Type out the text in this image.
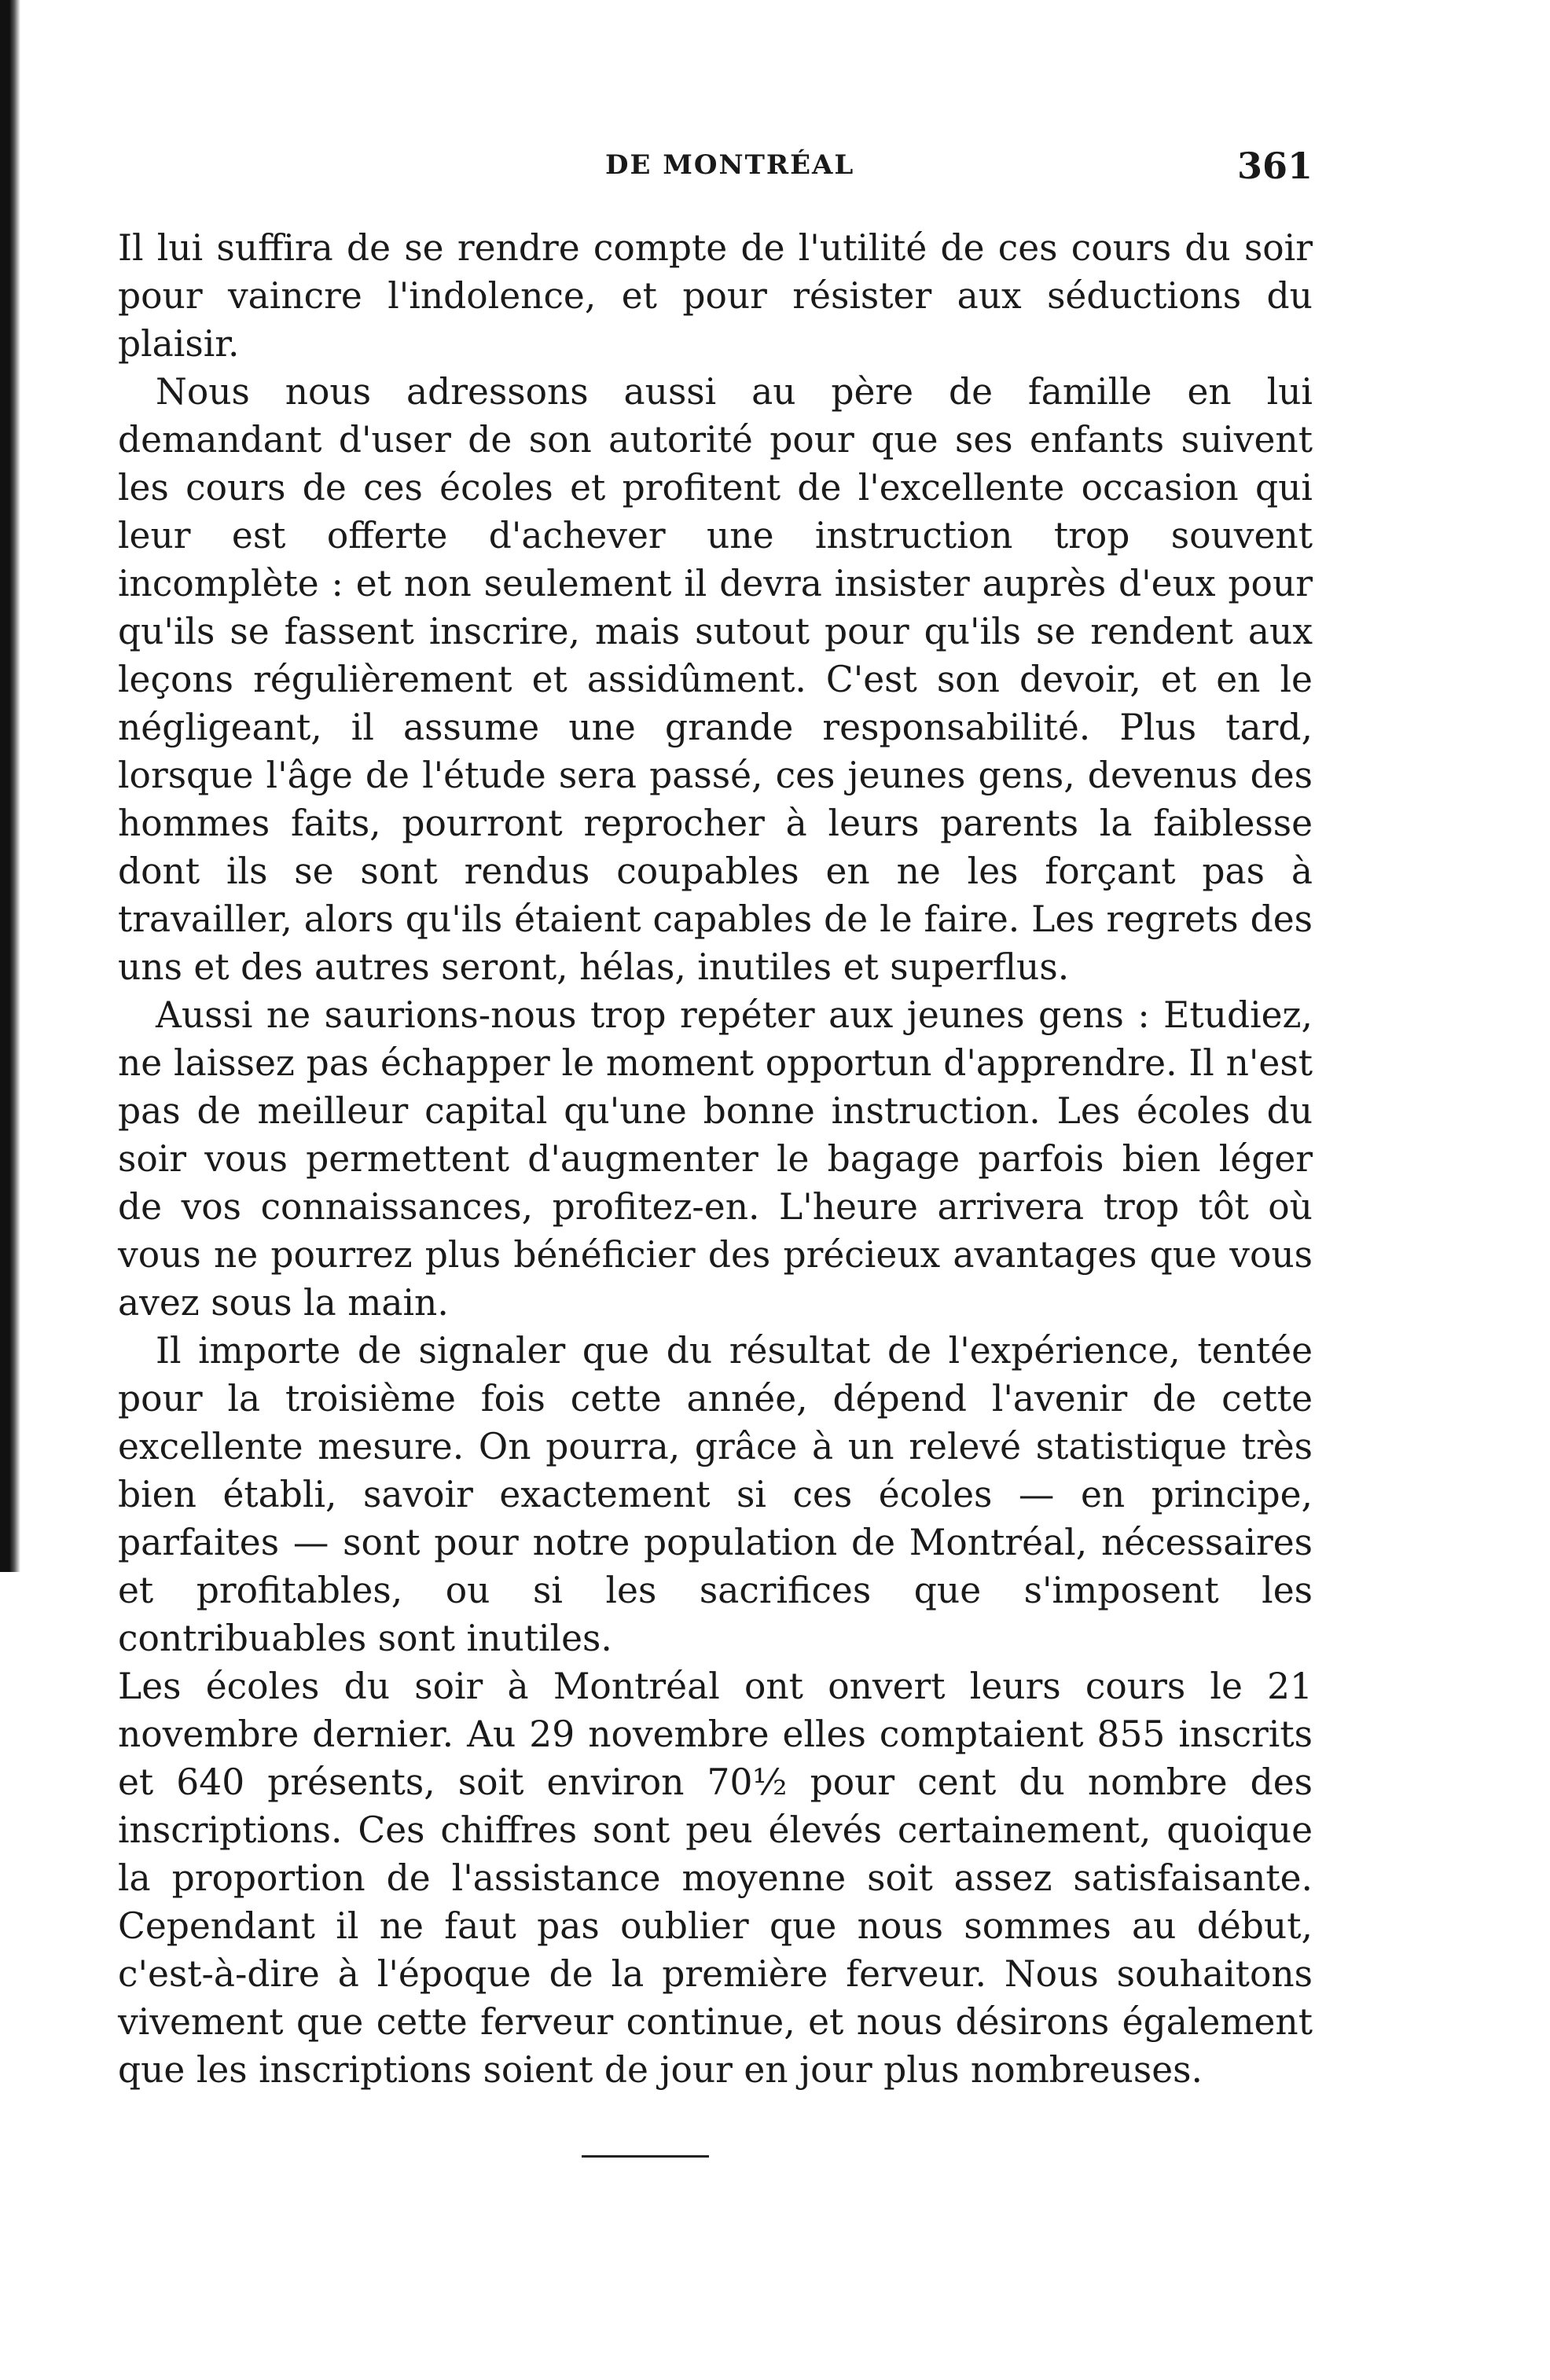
DE MONTRÉAL	361

Il lui suffira de se rendre compte de l'utilité de ces cours du soir pour vaincre l'indolence, et pour résister aux séductions du plaisir.

Nous nous adressons aussi au père de famille en lui demandant d'user de son autorité pour que ses enfants suivent les cours de ces écoles et profitent de l'excellente occasion qui leur est offerte d'achever une instruction trop souvent incomplète : et non seulement il devra insister auprès d'eux pour qu'ils se fassent inscrire, mais sutout pour qu'ils se rendent aux leçons régulièrement et assidûment. C'est son devoir, et en le négligeant, il assume une grande responsabilité. Plus tard, lorsque l'âge de l'étude sera passé, ces jeunes gens, devenus des hommes faits, pourront reprocher à leurs parents la faiblesse dont ils se sont rendus coupables en ne les forçant pas à travailler, alors qu'ils étaient capables de le faire. Les regrets des uns et des autres seront, hélas, inutiles et superflus.

Aussi ne saurions-nous trop repéter aux jeunes gens : Etudiez, ne laissez pas échapper le moment opportun d'apprendre. Il n'est pas de meilleur capital qu'une bonne instruction. Les écoles du soir vous permettent d'augmenter le bagage parfois bien léger de vos connaissances, profitez-en. L'heure arrivera trop tôt où vous ne pourrez plus bénéficier des précieux avantages que vous avez sous la main.

Il importe de signaler que du résultat de l'expérience, tentée pour la troisième fois cette année, dépend l'avenir de cette excellente mesure. On pourra, grâce à un relevé statistique très bien établi, savoir exactement si ces écoles — en principe, parfaites — sont pour notre population de Montréal, nécessaires et profitables, ou si les sacrifices que s'imposent les contribuables sont inutiles.

Les écoles du soir à Montréal ont onvert leurs cours le 21 novembre dernier. Au 29 novembre elles comptaient 855 inscrits et 640 présents, soit environ 70½ pour cent du nombre des inscriptions. Ces chiffres sont peu élevés certainement, quoique la proportion de l'assistance moyenne soit assez satisfaisante. Cependant il ne faut pas oublier que nous sommes au début, c'est-à-dire à l'époque de la première ferveur. Nous souhaitons vivement que cette ferveur continue, et nous désirons également que les inscriptions soient de jour en jour plus nombreuses.
